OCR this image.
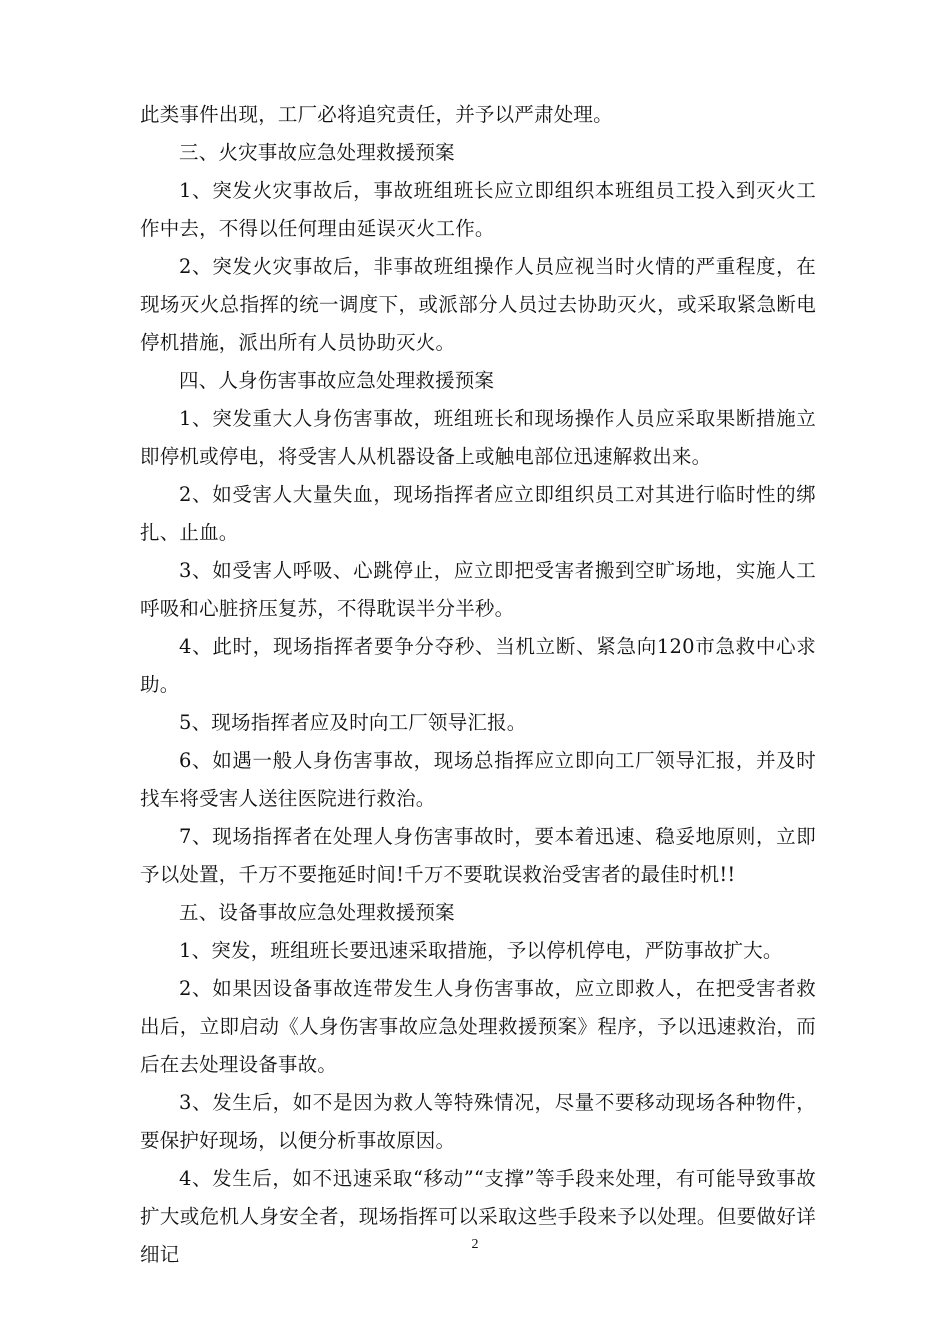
此类事件出现，工厂必将追究责任，并予以严肃处理。

三、火灾事故应急处理救援预案

1、突发火灾事故后，事故班组班长应立即组织本班组员工投入到灭火工作中去，不得以任何理由延误灭火工作。

2、突发火灾事故后，非事故班组操作人员应视当时火情的严重程度，在现场灭火总指挥的统一调度下，或派部分人员过去协助灭火，或采取紧急断电停机措施，派出所有人员协助灭火。

四、人身伤害事故应急处理救援预案

1、突发重大人身伤害事故，班组班长和现场操作人员应采取果断措施立即停机或停电，将受害人从机器设备上或触电部位迅速解救出来。

2、如受害人大量失血，现场指挥者应立即组织员工对其进行临时性的绑扎、止血。

3、如受害人呼吸、心跳停止，应立即把受害者搬到空旷场地，实施人工呼吸和心脏挤压复苏，不得耽误半分半秒。

4、此时，现场指挥者要争分夺秒、当机立断、紧急向120市急救中心求助。

5、现场指挥者应及时向工厂领导汇报。

6、如遇一般人身伤害事故，现场总指挥应立即向工厂领导汇报，并及时找车将受害人送往医院进行救治。

7、现场指挥者在处理人身伤害事故时，要本着迅速、稳妥地原则，立即予以处置，千万不要拖延时间!千万不要耽误救治受害者的最佳时机!!

五、设备事故应急处理救援预案

1、突发，班组班长要迅速采取措施，予以停机停电，严防事故扩大。

2、如果因设备事故连带发生人身伤害事故，应立即救人，在把受害者救出后，立即启动《人身伤害事故应急处理救援预案》程序，予以迅速救治，而后在去处理设备事故。

3、发生后，如不是因为救人等特殊情况，尽量不要移动现场各种物件，要保护好现场，以便分析事故原因。

4、发生后，如不迅速采取“移动”“支撑”等手段来处理，有可能导致事故扩大或危机人身安全者，现场指挥可以采取这些手段来予以处理。但要做好详细记	2
